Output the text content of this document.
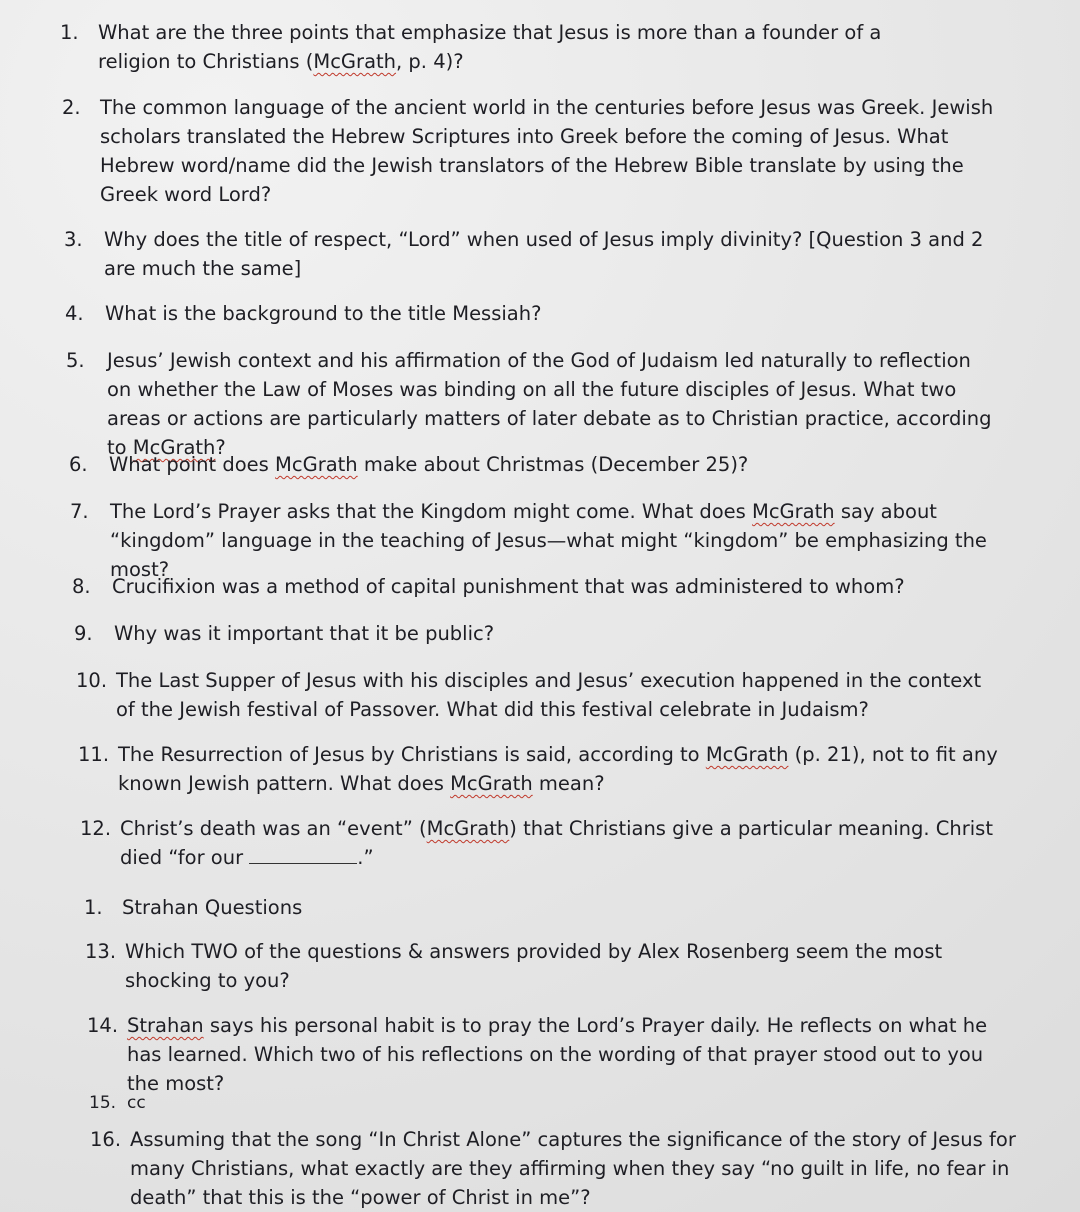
1. What are the three points that emphasize that Jesus is more than a founder of a religion to Christians (McGrath, p. 4)?
2. The common language of the ancient world in the centuries before Jesus was Greek. Jewish scholars translated the Hebrew Scriptures into Greek before the coming of Jesus. What Hebrew word/name did the Jewish translators of the Hebrew Bible translate by using the Greek word Lord?
3.	Why does the title of respect, “Lord” when used of Jesus imply divinity? [Question 3 and 2 are much the same]
4.	What is the background to the title Messiah?
5.	Jesus’ Jewish context and his affirmation of the God of Judaism led naturally to reflection on whether the Law of Moses was binding on all the future disciples of Jesus. What two areas or actions are particularly matters of later debate as to Christian practice, according to McGrath?
6.	What point does McGrath make about Christmas (December 25)?
7.	The Lord’s Prayer asks that the Kingdom might come. What does McGrath say about “kingdom” language in the teaching of Jesus—what might “kingdom” be emphasizing the most?
8.	Crucifixion was a method of capital punishment that was administered to whom?
9.	Why was it important that it be public?
10. The Last Supper of Jesus with his disciples and Jesus’ execution happened in the context of the Jewish festival of Passover. What did this festival celebrate in Judaism?
11. The Resurrection of Jesus by Christians is said, according to McGrath (p. 21), not to fit any known Jewish pattern. What does McGrath mean?
12. Christ’s death was an “event” (McGrath) that Christians give a particular meaning. Christ died “for our	.”
1. Strahan Questions
13. Which TWO of the questions & answers provided by Alex Rosenberg seem the most shocking to you?
14. Strahan says his personal habit is to pray the Lord’s Prayer daily. He reflects on what he has learned. Which two of his reflections on the wording of that prayer stood out to you the most?
15. cc
16. Assuming that the song “In Christ Alone” captures the significance of the story of Jesus for many Christians, what exactly are they affirming when they say “no guilt in life, no fear in death” that this is the “power of Christ in me”?
